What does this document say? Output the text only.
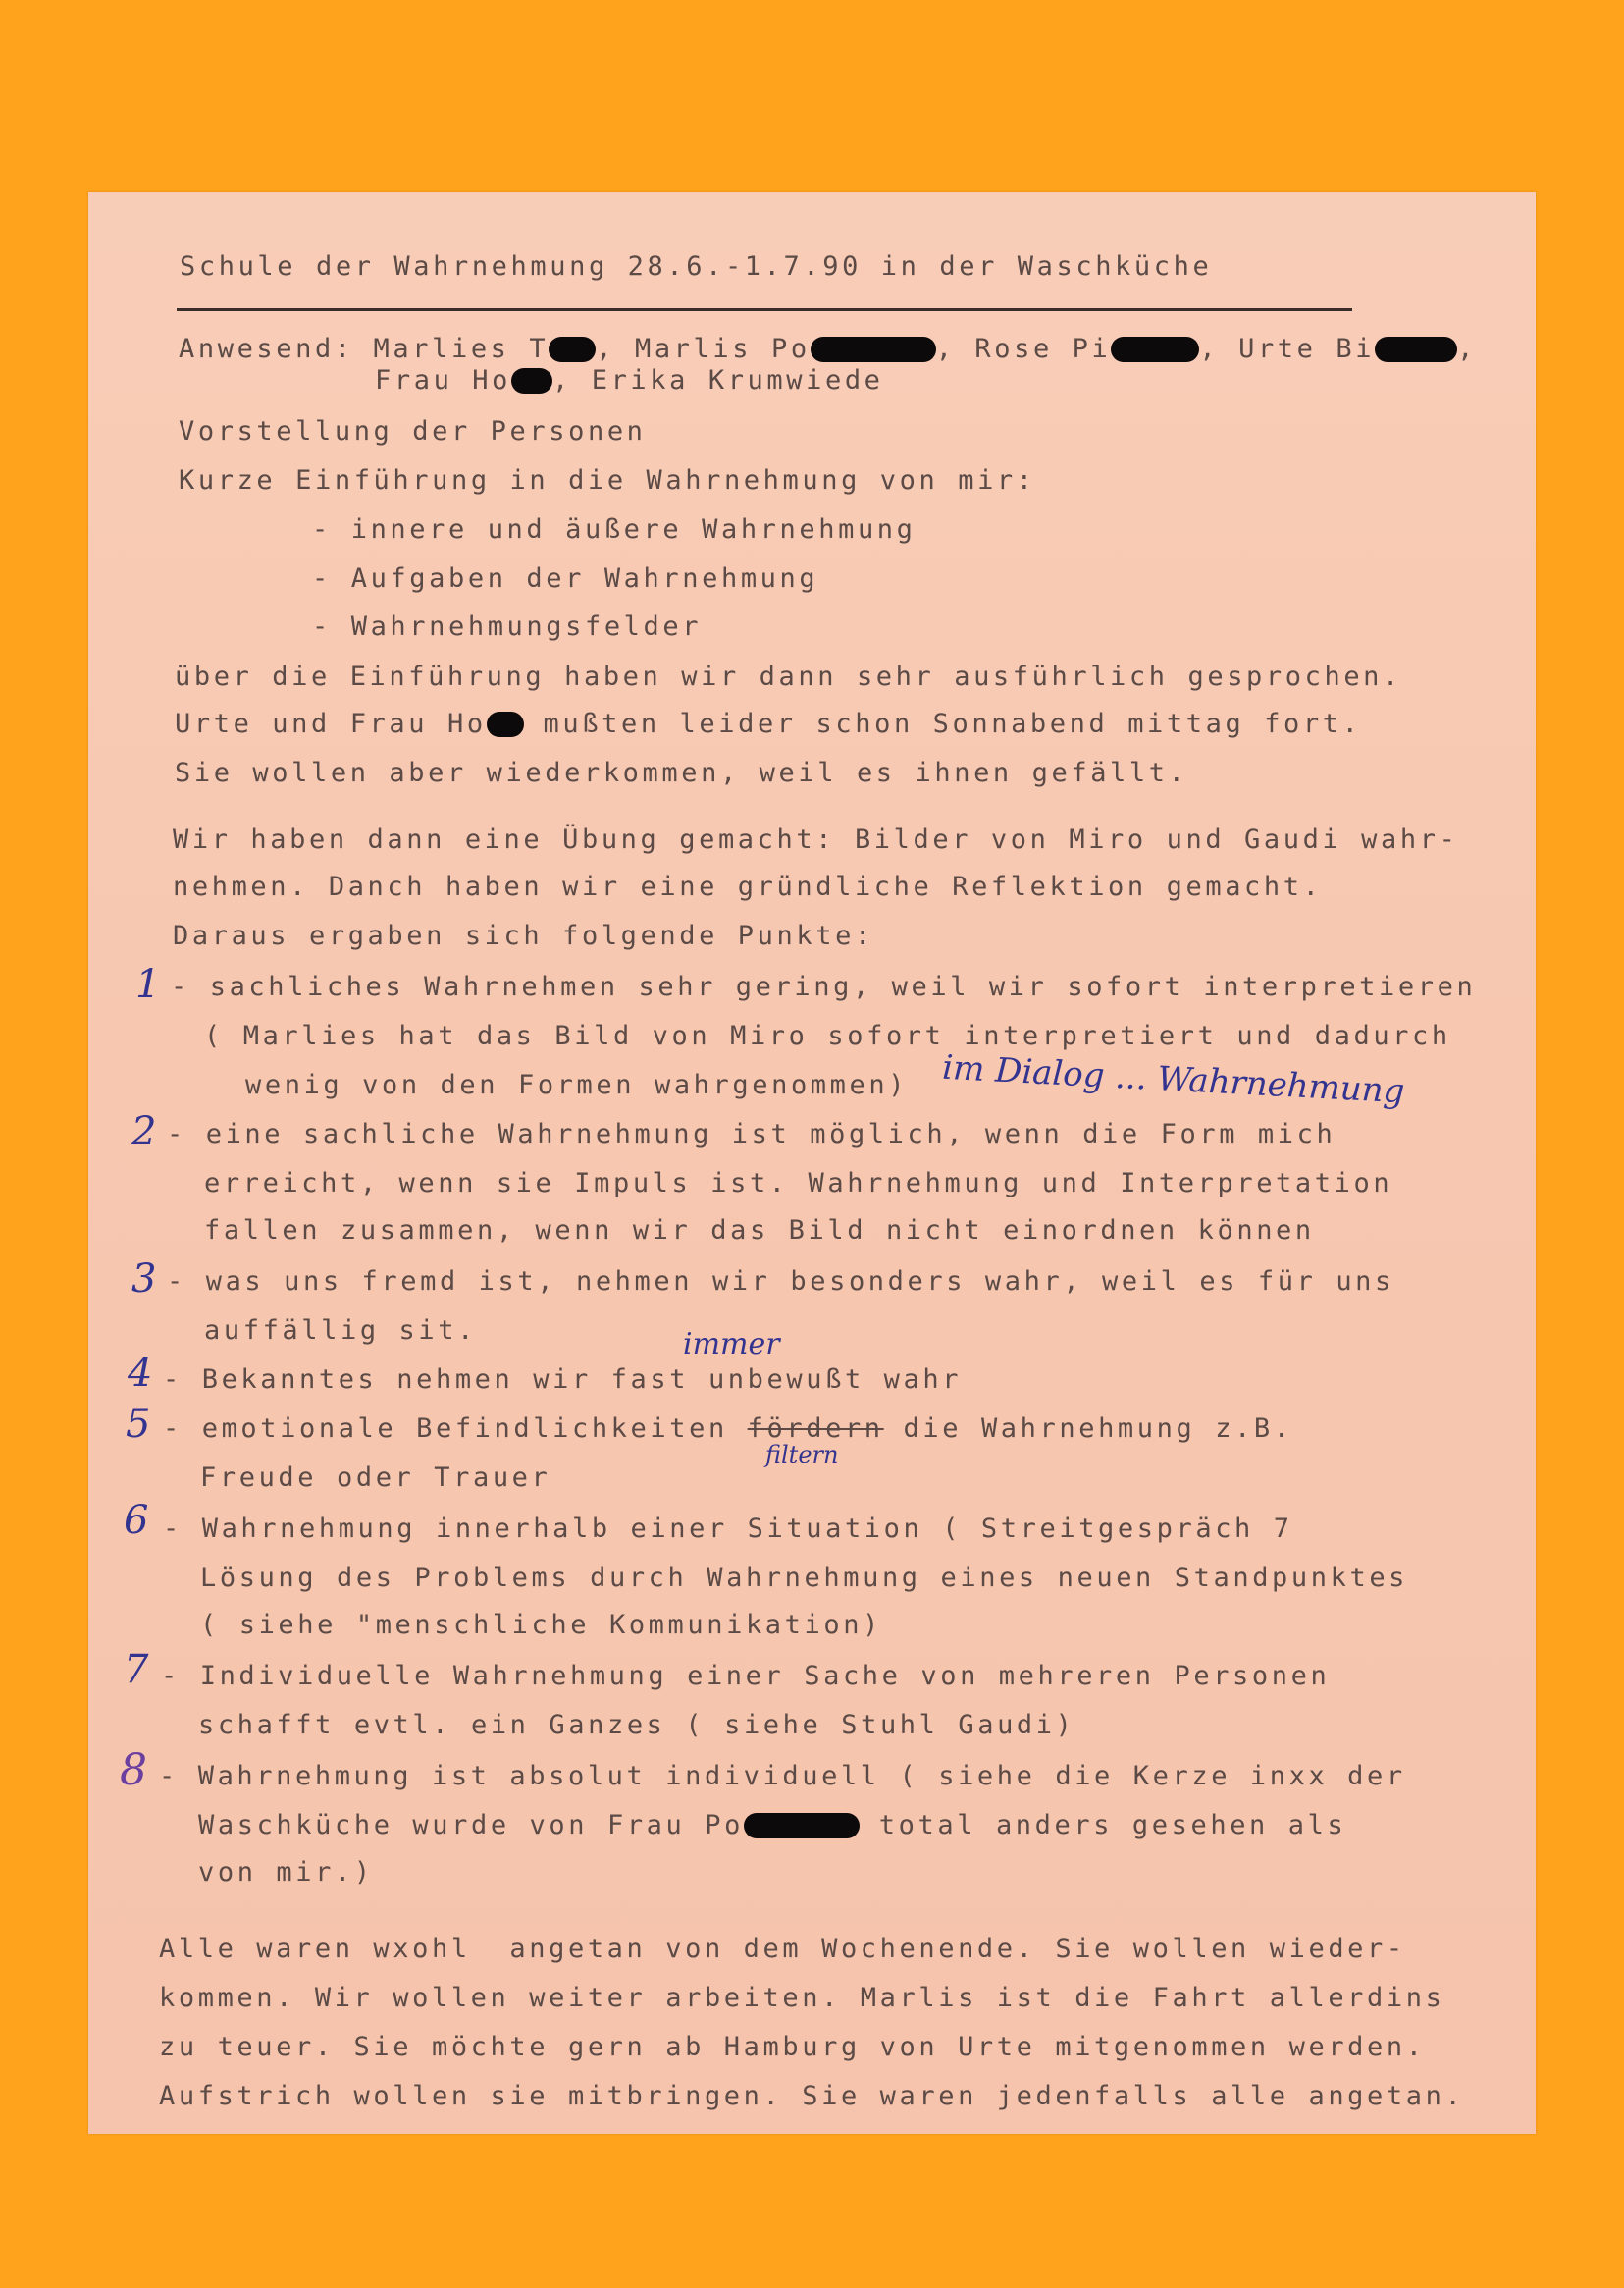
Schule der Wahrnehmung 28.6.-1.7.90 in der Waschküche
Anwesend: Marlies T , Marlis Po	, Rose Pi	, Urte Bi	,
Frau Ho , Erika Krumwiede
Vorstellung der Personen
Kurze Einführung in die Wahrnehmung von mir:
- innere und äußere Wahrnehmung
- Aufgaben der Wahrnehmung
- Wahrnehmungsfelder
über die Einführung haben wir dann sehr ausführlich gesprochen.
Urte und Frau Ho mußten leider schon Sonnabend mittag fort.
Sie wollen aber wiederkommen, weil es ihnen gefällt.
Wir haben dann eine Übung gemacht: Bilder von Miro und Gaudi wahr-
nehmen. Danch haben wir eine gründliche Reflektion gemacht.
Daraus ergaben sich folgende Punkte:
1
2
3
4
5
6
7
8
- sachliches Wahrnehmen sehr gering, weil wir sofort interpretieren
( Marlies hat das Bild von Miro sofort interpretiert und dadurch
wenig von den Formen wahrgenommen) im Dialog ... Wahrnehmung
- eine sachliche Wahrnehmung ist möglich, wenn die Form mich
erreicht, wenn sie Impuls ist. Wahrnehmung und Interpretation
fallen zusammen, wenn wir das Bild nicht einordnen können
- was uns fremd ist, nehmen wir besonders wahr, weil es für uns
auffällig sit.	immer
- Bekanntes nehmen wir fast unbewußt wahr
- emotionale Befindlichkeiten fördern die Wahrnehmung z.B.
filtern
Freude oder Trauer
- Wahrnehmung innerhalb einer Situation ( Streitgespräch 7
Lösung des Problems durch Wahrnehmung eines neuen Standpunktes
( siehe "menschliche Kommunikation)
- Individuelle Wahrnehmung einer Sache von mehreren Personen
schafft evtl. ein Ganzes ( siehe Stuhl Gaudi)
- Wahrnehmung ist absolut individuell ( siehe die Kerze inxx der
Waschküche wurde von Frau Po	total anders gesehen als
von mir.)
Alle waren wxohl  angetan von dem Wochenende. Sie wollen wieder-
kommen. Wir wollen weiter arbeiten. Marlis ist die Fahrt allerdins
zu teuer. Sie möchte gern ab Hamburg von Urte mitgenommen werden.
Aufstrich wollen sie mitbringen. Sie waren jedenfalls alle angetan.
